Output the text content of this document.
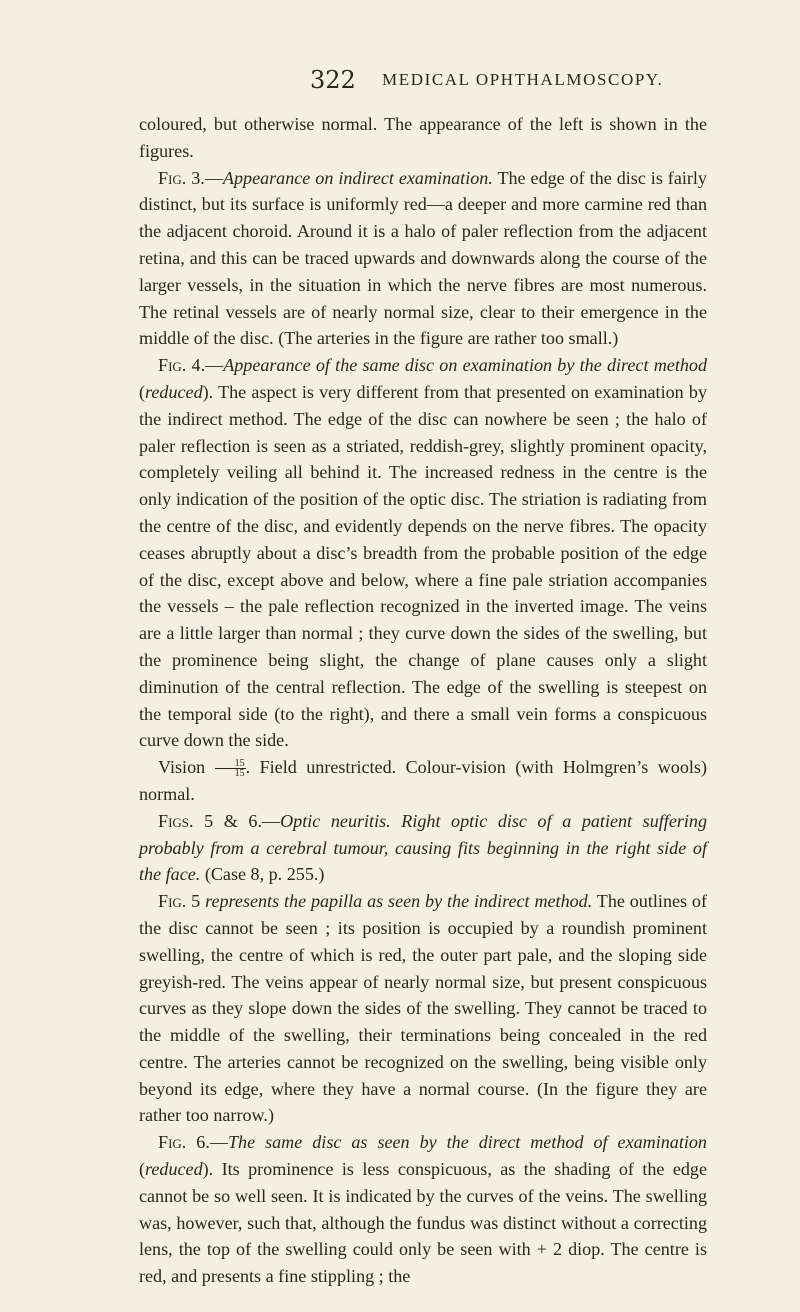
322 MEDICAL OPHTHALMOSCOPY.

coloured, but otherwise normal. The appearance of the left is shown in the figures.

Fig. 3.—Appearance on indirect examination. The edge of the disc is fairly distinct, but its surface is uniformly red—a deeper and more carmine red than the adjacent choroid. Around it is a halo of paler reflection from the adjacent retina, and this can be traced upwards and downwards along the course of the larger vessels, in the situation in which the nerve fibres are most numerous. The retinal vessels are of nearly normal size, clear to their emergence in the middle of the disc. (The arteries in the figure are rather too small.)

Fig. 4.—Appearance of the same disc on examination by the direct method (reduced). The aspect is very different from that presented on examination by the indirect method. The edge of the disc can nowhere be seen ; the halo of paler reflection is seen as a striated, reddish-grey, slightly prominent opacity, completely veiling all behind it. The increased redness in the centre is the only indication of the position of the optic disc. The striation is radiating from the centre of the disc, and evidently depends on the nerve fibres. The opacity ceases abruptly about a disc’s breadth from the probable position of the edge of the disc, except above and below, where a fine pale striation accompanies the vessels – the pale reflection recognized in the inverted image. The veins are a little larger than normal ; they curve down the sides of the swelling, but the prominence being slight, the change of plane causes only a slight diminution of the central reflection. The edge of the swelling is steepest on the temporal side (to the right), and there a small vein forms a conspicuous curve down the side.

Vision $\frac{15}{15}$ . Field unrestricted. Colour-vision (with Holmgren’s wools) normal.

Figs. 5 & 6.—Optic neuritis. Right optic disc of a patient suffering probably from a cerebral tumour, causing fits beginning in the right side of the face. (Case 8, p. 255.)

Fig. 5 represents the papilla as seen by the indirect method. The outlines of the disc cannot be seen ; its position is occupied by a roundish prominent swelling, the centre of which is red, the outer part pale, and the sloping side greyish-red. The veins appear of nearly normal size, but present conspicuous curves as they slope down the sides of the swelling. They cannot be traced to the middle of the swelling, their terminations being concealed in the red centre. The arteries cannot be recognized on the swelling, being visible only beyond its edge, where they have a normal course. (In the figure they are rather too narrow.)

Fig. 6.—The same disc as seen by the direct method of examination (reduced). Its prominence is less conspicuous, as the shading of the edge cannot be so well seen. It is indicated by the curves of the veins. The swelling was, however, such that, although the fundus was distinct without a correcting lens, the top of the swelling could only be seen with + 2 diop. The centre is red, and presents a fine stippling ; the
